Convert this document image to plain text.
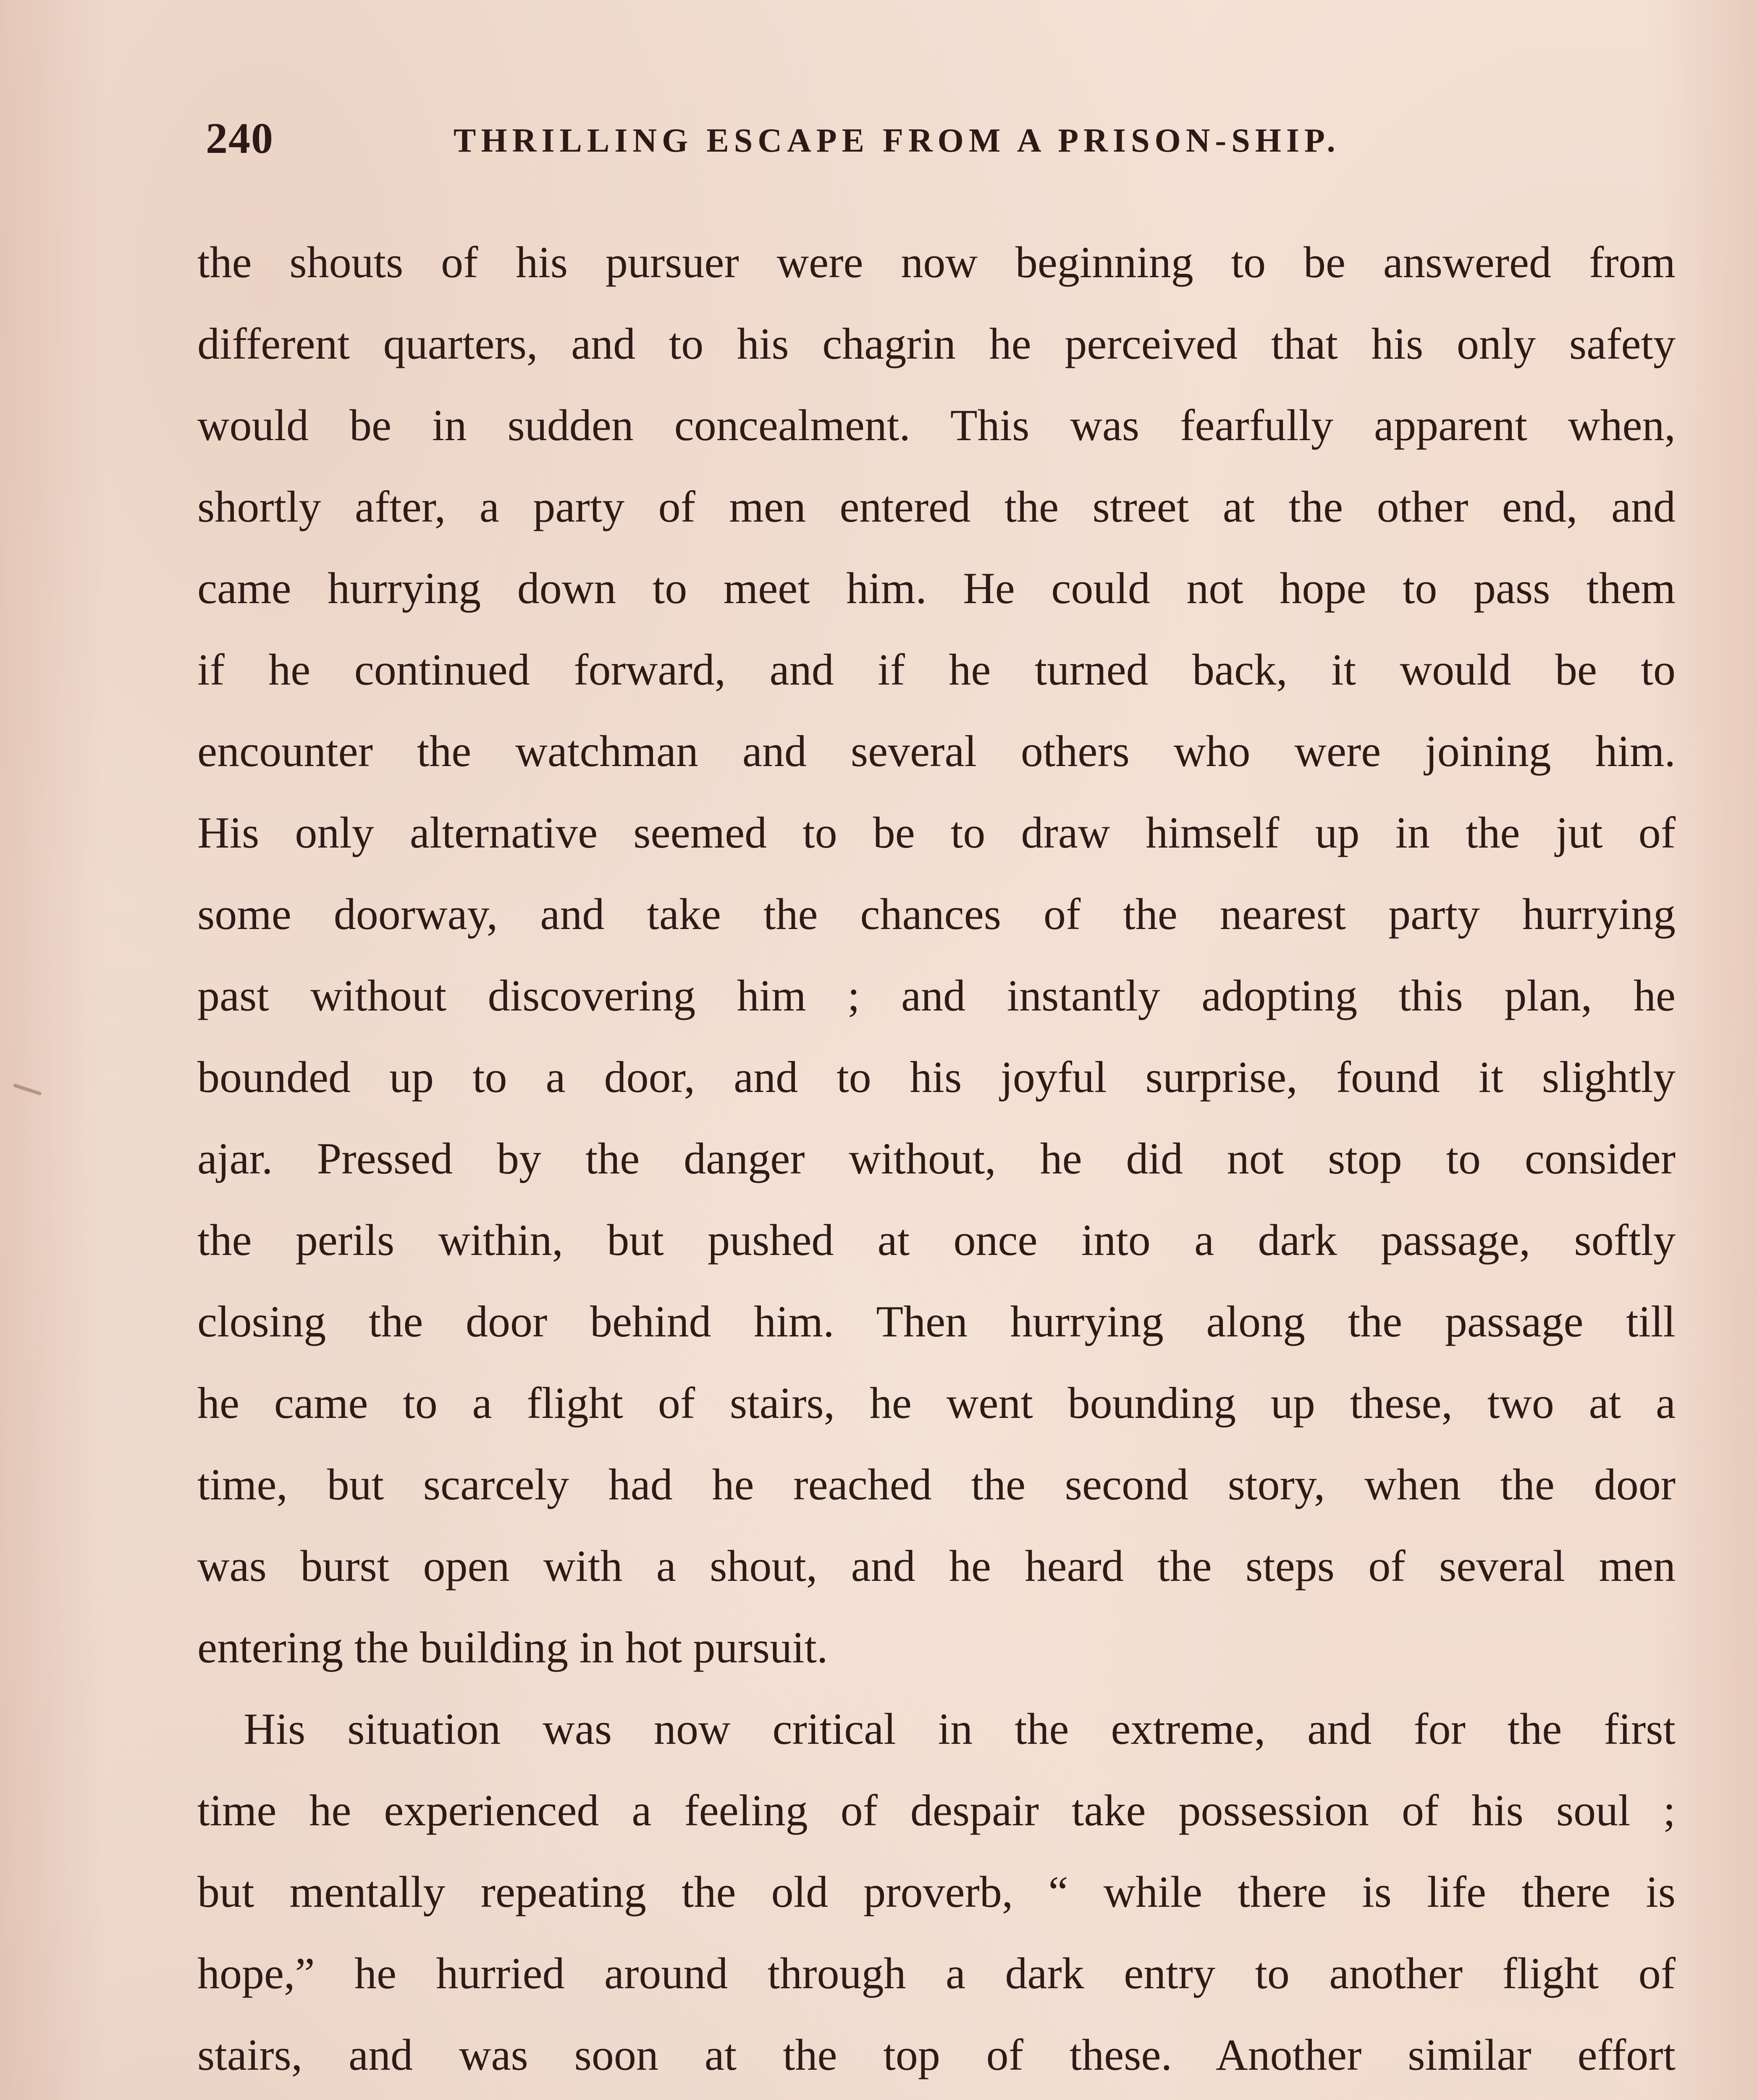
240	THRILLING ESCAPE FROM A PRISON-SHIP.
the shouts of his pursuer were now beginning to be answered from
different quarters, and to his chagrin he perceived that his only safety
would be in sudden concealment. This was fearfully apparent when,
shortly after, a party of men entered the street at the other end, and
came hurrying down to meet him. He could not hope to pass them
if he continued forward, and if he turned back, it would be to
encounter the watchman and several others who were joining him.
His only alternative seemed to be to draw himself up in the jut of
some doorway, and take the chances of the nearest party hurrying
past without discovering him ; and instantly adopting this plan, he
bounded up to a door, and to his joyful surprise, found it slightly
ajar. Pressed by the danger without, he did not stop to consider
the perils within, but pushed at once into a dark passage, softly
closing the door behind him. Then hurrying along the passage till
he came to a flight of stairs, he went bounding up these, two at a
time, but scarcely had he reached the second story, when the door
was burst open with a shout, and he heard the steps of several men
entering the building in hot pursuit.
His situation was now critical in the extreme, and for the first
time he experienced a feeling of despair take possession of his soul ;
but mentally repeating the old proverb, “ while there is life there is
hope,” he hurried around through a dark entry to another flight of
stairs, and was soon at the top of these. Another similar effort
